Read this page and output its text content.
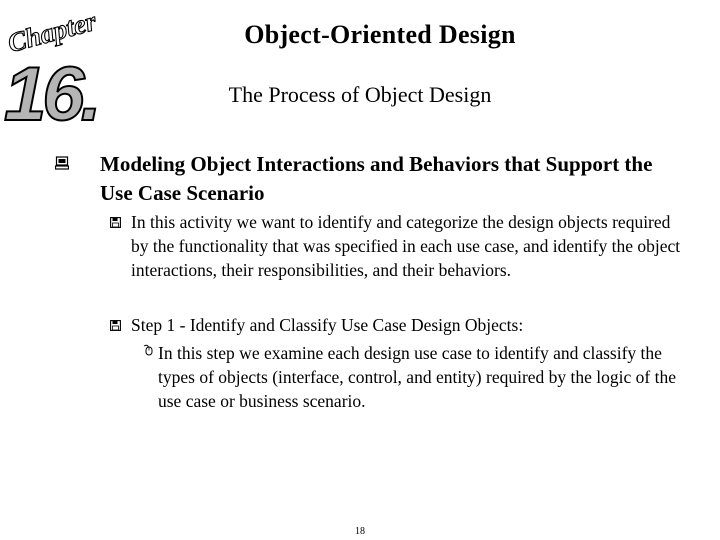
Chapter
16.
Object-Oriented Design
The Process of Object Design
Modeling Object Interactions and Behaviors that Support the Use Case Scenario
In this activity we want to identify and categorize the design objects required by the functionality that was specified in each use case, and identify the object interactions, their responsibilities, and their behaviors.
Step 1 - Identify and Classify Use Case Design Objects:
In this step we examine each design use case to identify and classify the types of objects (interface, control, and entity) required by the logic of the use case or business scenario.
18
